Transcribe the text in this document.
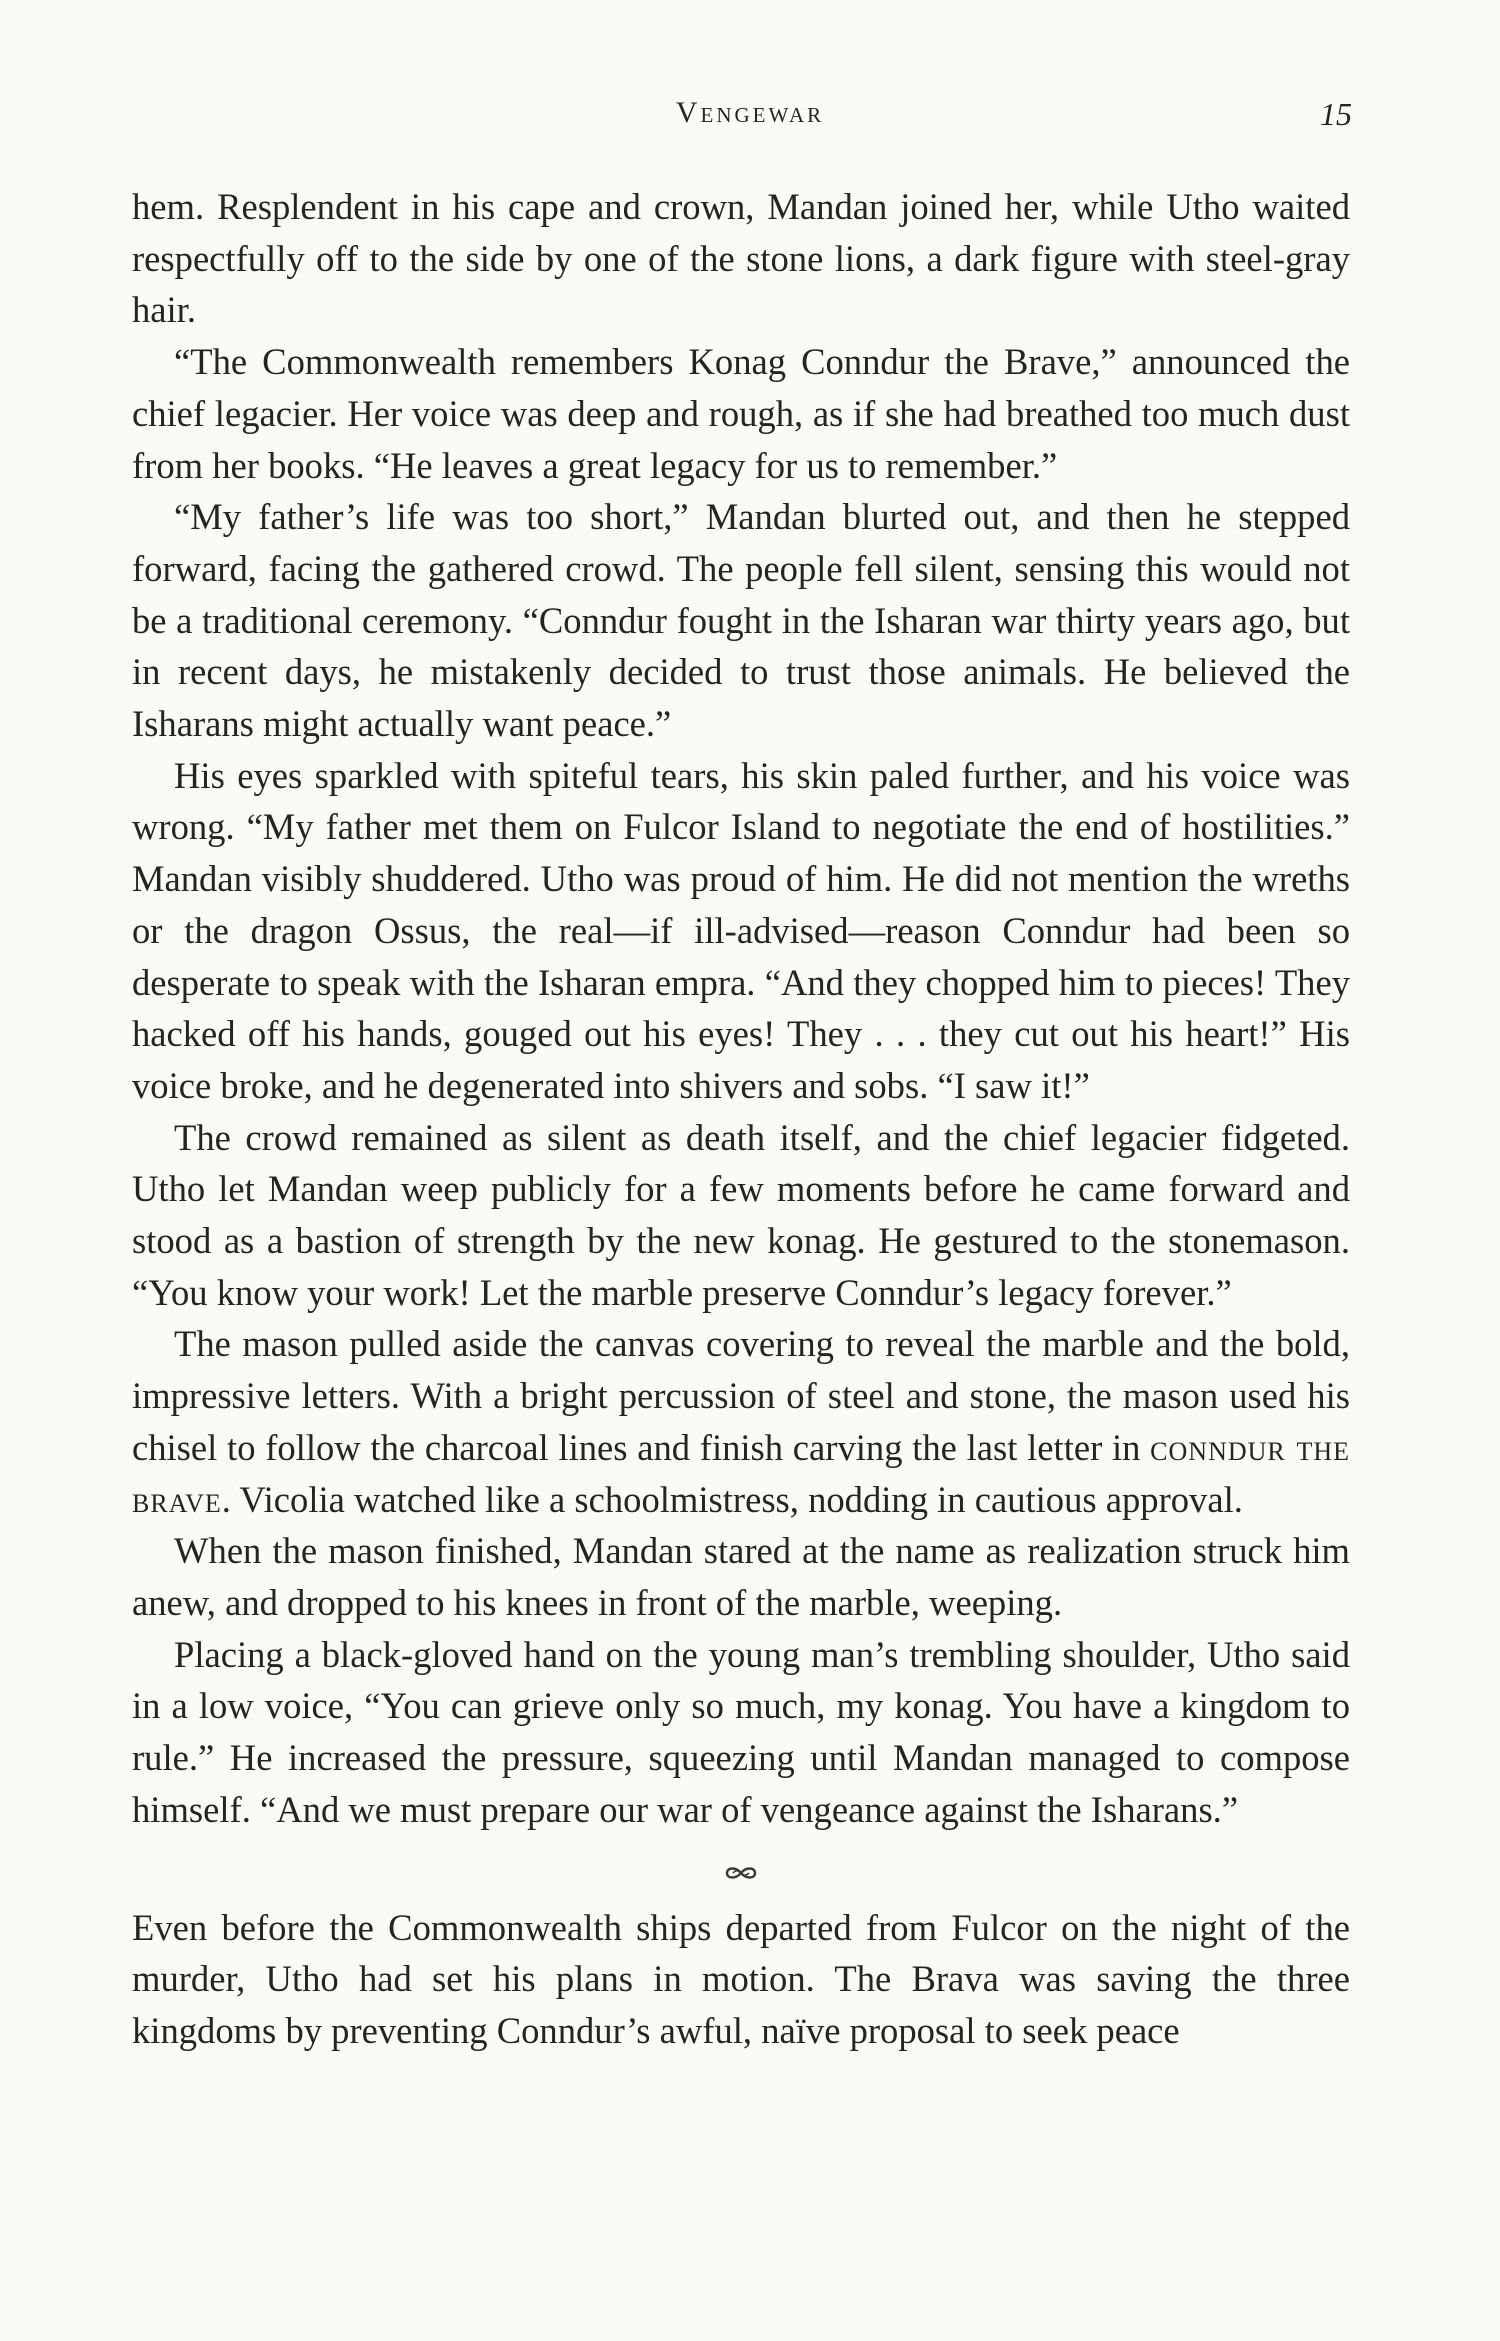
Vengewar	15

hem. Resplendent in his cape and crown, Mandan joined her, while Utho waited respectfully off to the side by one of the stone lions, a dark figure with steel-gray hair.

“The Commonwealth remembers Konag Conndur the Brave,” announced the chief legacier. Her voice was deep and rough, as if she had breathed too much dust from her books. “He leaves a great legacy for us to remember.”

“My father’s life was too short,” Mandan blurted out, and then he stepped forward, facing the gathered crowd. The people fell silent, sensing this would not be a traditional ceremony. “Conndur fought in the Isharan war thirty years ago, but in recent days, he mistakenly decided to trust those animals. He believed the Isharans might actually want peace.”

His eyes sparkled with spiteful tears, his skin paled further, and his voice was wrong. “My father met them on Fulcor Island to negotiate the end of hostilities.” Mandan visibly shuddered. Utho was proud of him. He did not mention the wreths or the dragon Ossus, the real—if ill-advised—reason Conndur had been so desperate to speak with the Isharan empra. “And they chopped him to pieces! They hacked off his hands, gouged out his eyes! They . . . they cut out his heart!” His voice broke, and he degenerated into shivers and sobs. “I saw it!”

The crowd remained as silent as death itself, and the chief legacier fidgeted. Utho let Mandan weep publicly for a few moments before he came forward and stood as a bastion of strength by the new konag. He gestured to the stonemason. “You know your work! Let the marble preserve Conndur’s legacy forever.”

The mason pulled aside the canvas covering to reveal the marble and the bold, impressive letters. With a bright percussion of steel and stone, the mason used his chisel to follow the charcoal lines and finish carving the last letter in conndur the brave. Vicolia watched like a schoolmistress, nodding in cautious approval.

When the mason finished, Mandan stared at the name as realization struck him anew, and dropped to his knees in front of the marble, weeping.

Placing a black-gloved hand on the young man’s trembling shoulder, Utho said in a low voice, “You can grieve only so much, my konag. You have a kingdom to rule.” He increased the pressure, squeezing until Mandan managed to compose himself. “And we must prepare our war of vengeance against the Isharans.”

Even before the Commonwealth ships departed from Fulcor on the night of the murder, Utho had set his plans in motion. The Brava was saving the three kingdoms by preventing Conndur’s awful, naïve proposal to seek peace
